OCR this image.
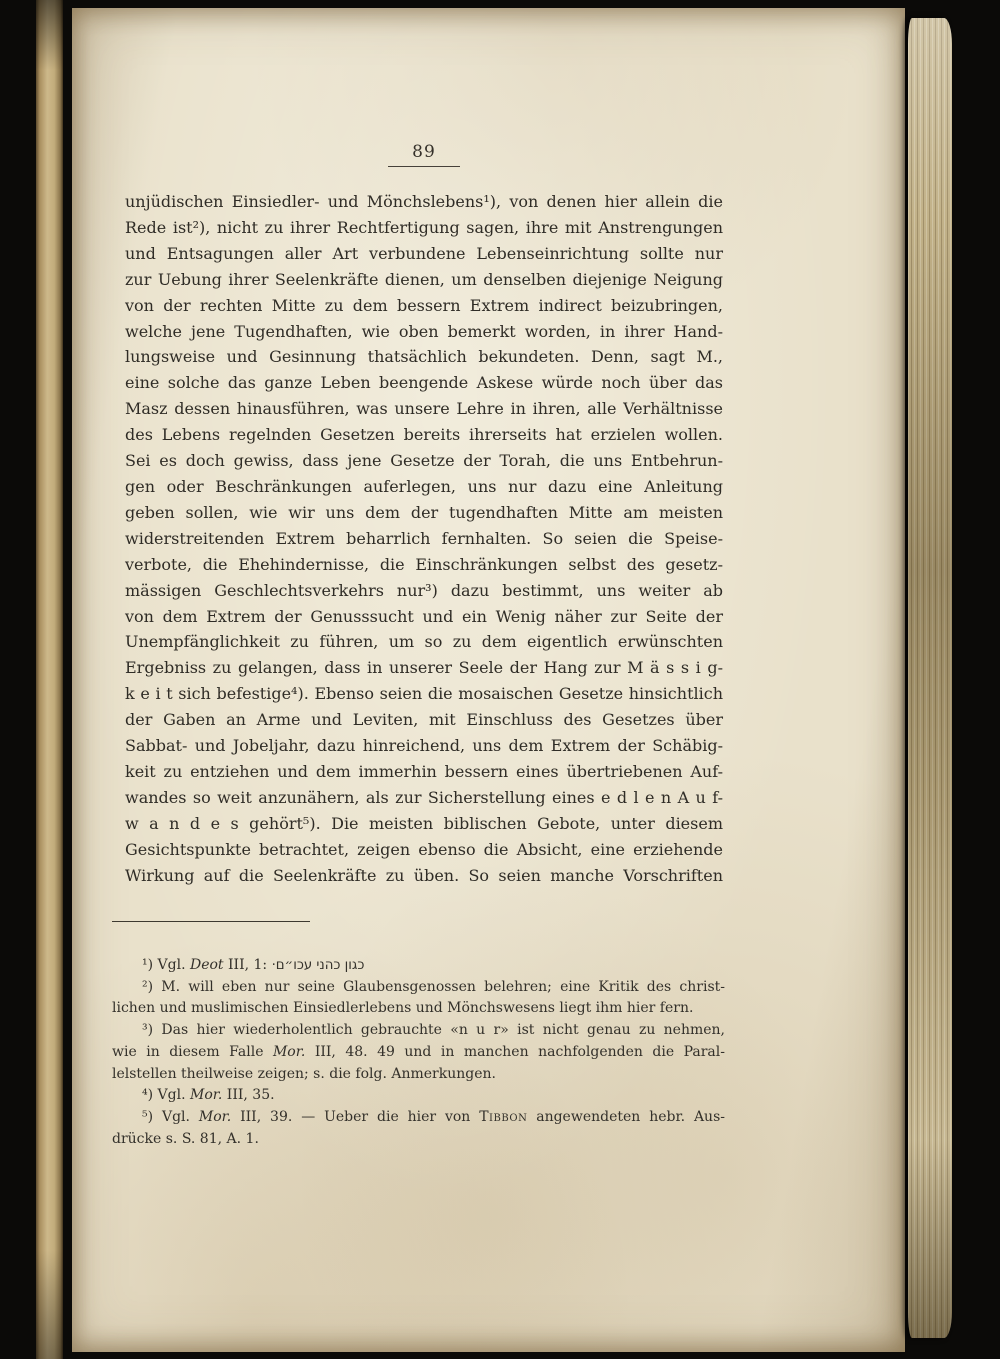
89
unjüdischen Einsiedler- und Mönchslebens¹), von denen hier allein die
Rede ist²), nicht zu ihrer Rechtfertigung sagen, ihre mit Anstrengungen
und Entsagungen aller Art verbundene Lebenseinrichtung sollte nur
zur Uebung ihrer Seelenkräfte dienen, um denselben diejenige Neigung
von der rechten Mitte zu dem bessern Extrem indirect beizubringen,
welche jene Tugendhaften, wie oben bemerkt worden, in ihrer Hand-
lungsweise und Gesinnung thatsächlich bekundeten. Denn, sagt M.,
eine solche das ganze Leben beengende Askese würde noch über das
Masz dessen hinausführen, was unsere Lehre in ihren, alle Verhältnisse
des Lebens regelnden Gesetzen bereits ihrerseits hat erzielen wollen.
Sei es doch gewiss, dass jene Gesetze der Torah, die uns Entbehrun-
gen oder Beschränkungen auferlegen, uns nur dazu eine Anleitung
geben sollen, wie wir uns dem der tugendhaften Mitte am meisten
widerstreitenden Extrem beharrlich fernhalten. So seien die Speise-
verbote, die Ehehindernisse, die Einschränkungen selbst des gesetz-
mässigen Geschlechtsverkehrs nur³) dazu bestimmt, uns weiter ab
von dem Extrem der Genusssucht und ein Wenig näher zur Seite der
Unempfänglichkeit zu führen, um so zu dem eigentlich erwünschten
Ergebniss zu gelangen, dass in unserer Seele der Hang zur M ä s s i g-
k e i t sich befestige⁴). Ebenso seien die mosaischen Gesetze hinsichtlich
der Gaben an Arme und Leviten, mit Einschluss des Gesetzes über
Sabbat- und Jobeljahr, dazu hinreichend, uns dem Extrem der Schäbig-
keit zu entziehen und dem immerhin bessern eines übertriebenen Auf-
wandes so weit anzunähern, als zur Sicherstellung eines e d l e n A u f-
w a n d e s gehört⁵). Die meisten biblischen Gebote, unter diesem
Gesichtspunkte betrachtet, zeigen ebenso die Absicht, eine erziehende
Wirkung auf die Seelenkräfte zu üben. So seien manche Vorschriften
¹) Vgl. Deot III, 1: כגון כהני עכו״ם·
²) M. will eben nur seine Glaubensgenossen belehren; eine Kritik des christ-
lichen und muslimischen Einsiedlerlebens und Mönchswesens liegt ihm hier fern.
³) Das hier wiederholentlich gebrauchte «n u r» ist nicht genau zu nehmen,
wie in diesem Falle Mor. III, 48. 49 und in manchen nachfolgenden die Paral-
lelstellen theilweise zeigen; s. die folg. Anmerkungen.
⁴) Vgl. Mor. III, 35.
⁵) Vgl. Mor. III, 39. — Ueber die hier von Tibbon angewendeten hebr. Aus-
drücke s. S. 81, A. 1.
